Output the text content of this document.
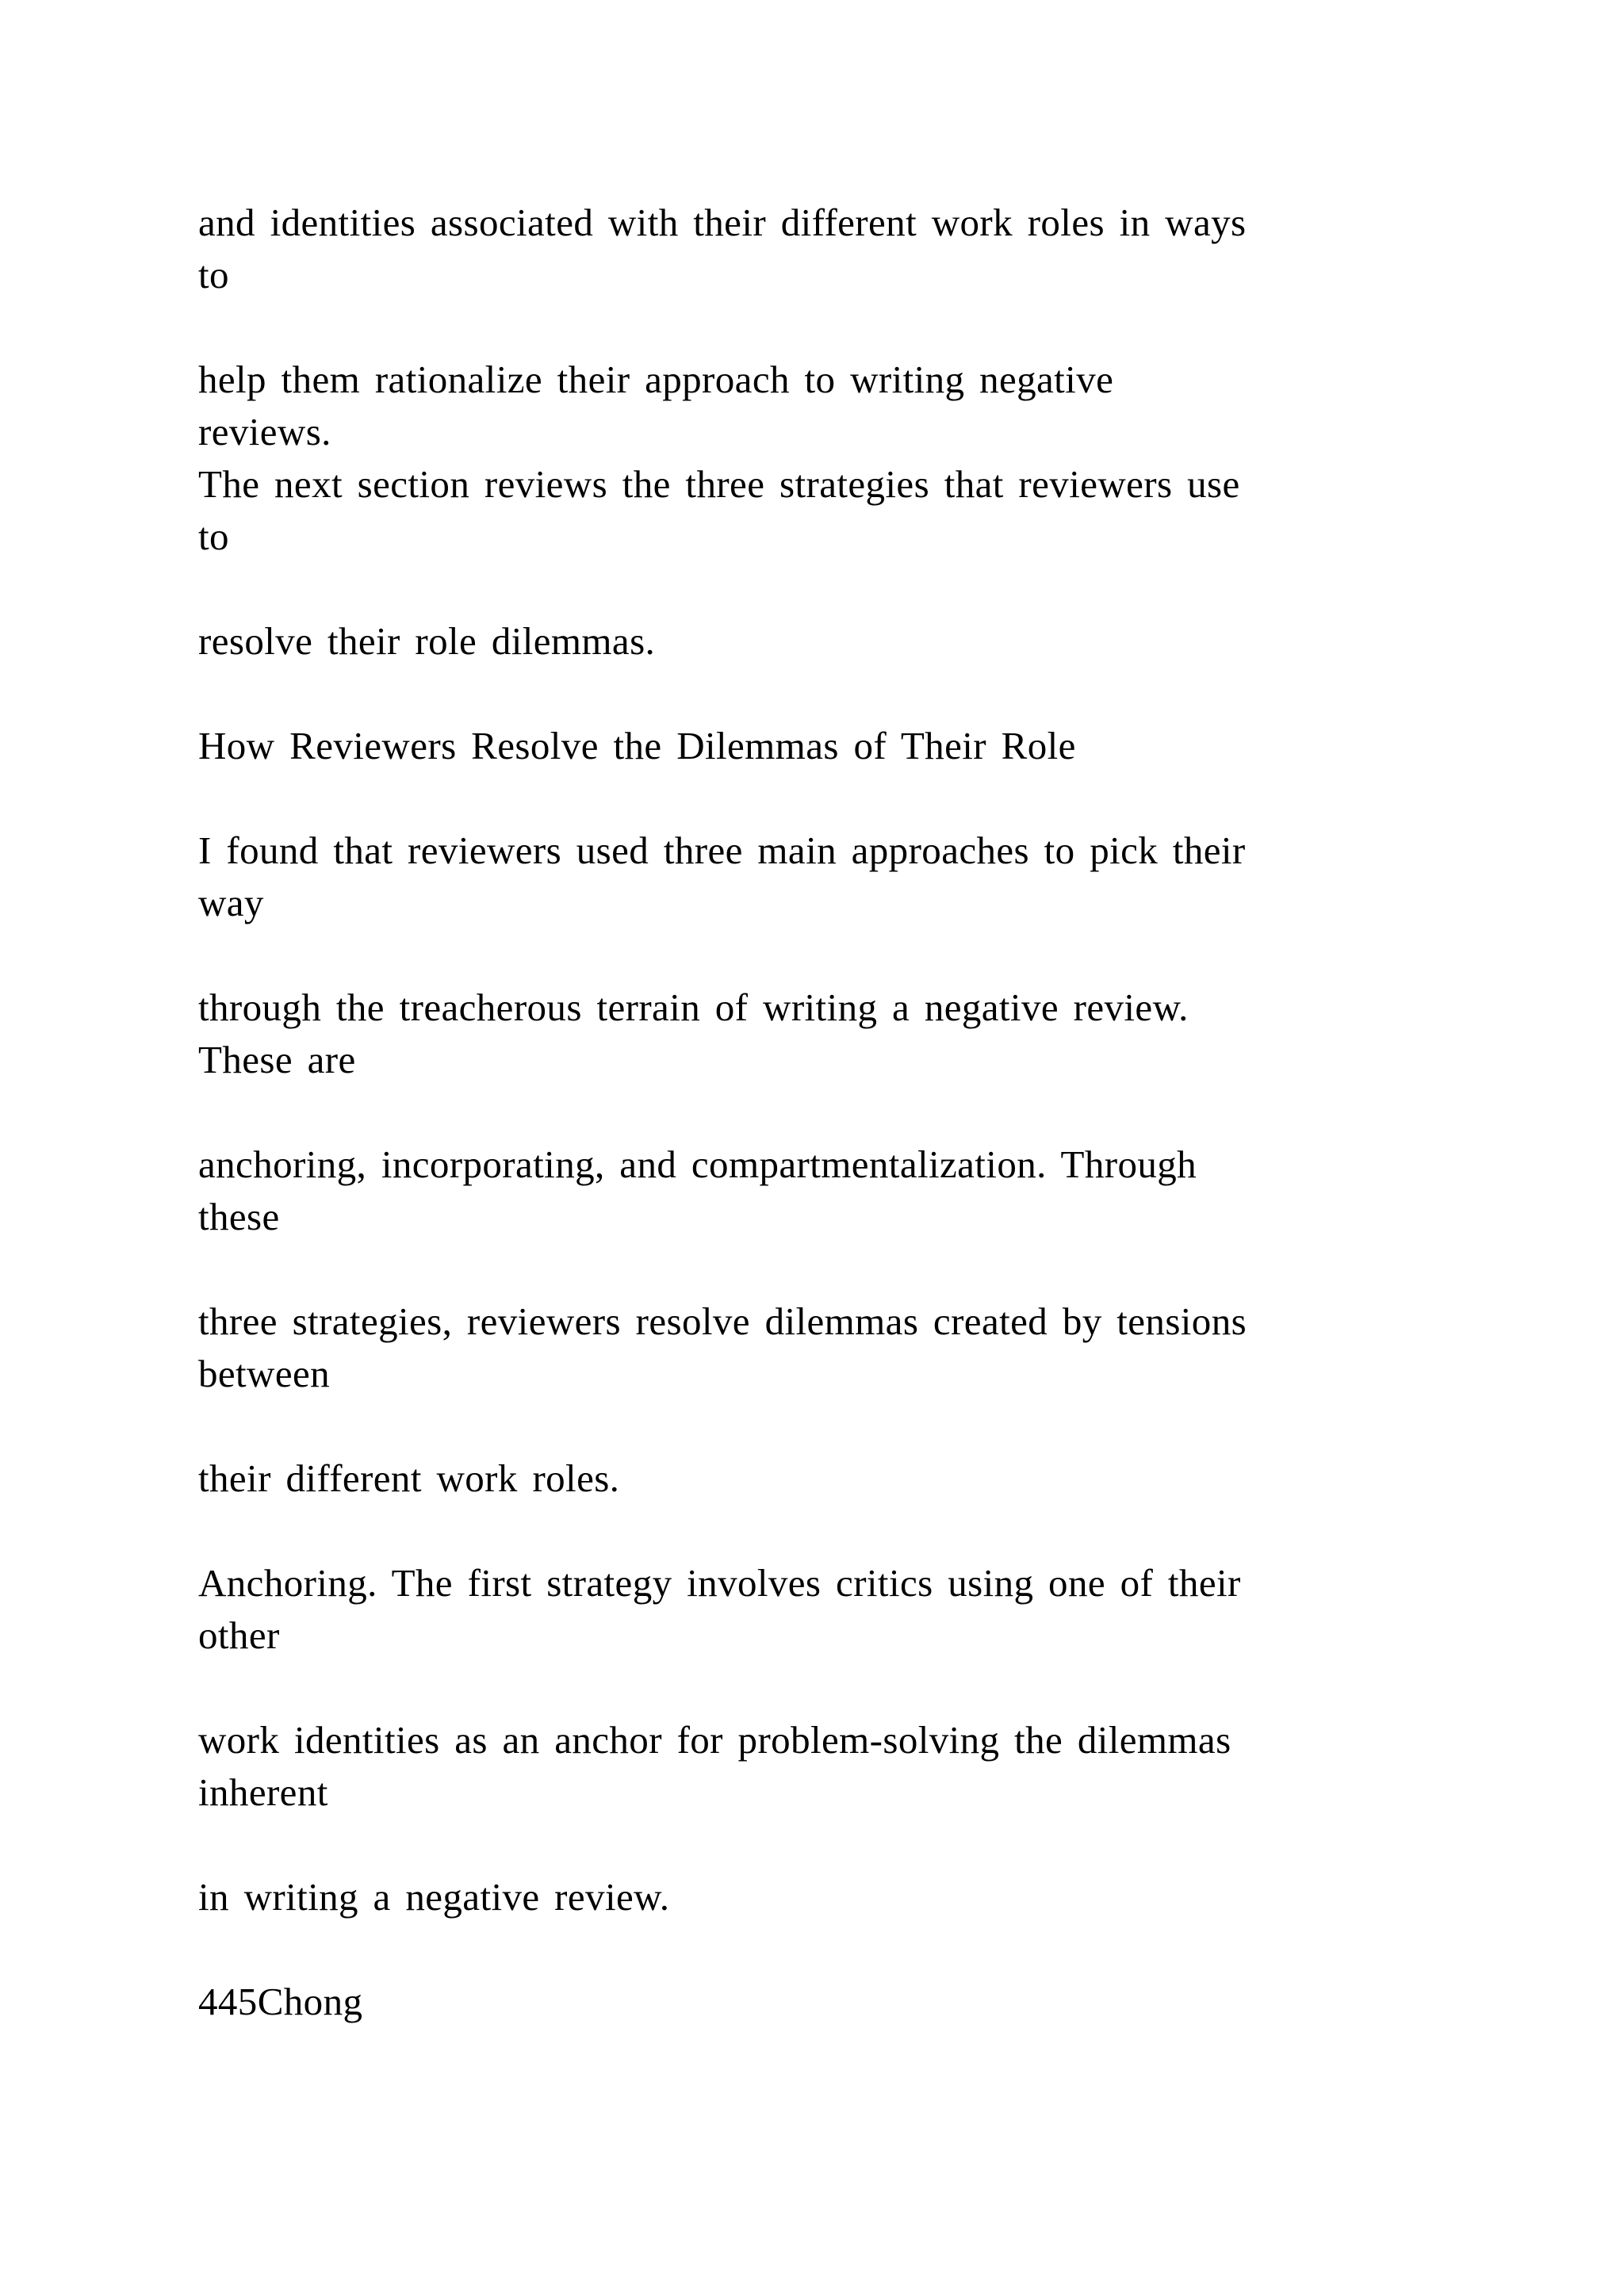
and identities associated with their different work roles in ways

to

help them rationalize their approach to writing negative

reviews.

The next section reviews the three strategies that reviewers use

to

resolve their role dilemmas.

How Reviewers Resolve the Dilemmas of Their Role

I found that reviewers used three main approaches to pick their

way

through the treacherous terrain of writing a negative review.

These are

anchoring, incorporating, and compartmentalization. Through

these

three strategies, reviewers resolve dilemmas created by tensions

between

their different work roles.

Anchoring. The first strategy involves critics using one of their

other

work identities as an anchor for problem-solving the dilemmas

inherent

in writing a negative review.

445Chong
